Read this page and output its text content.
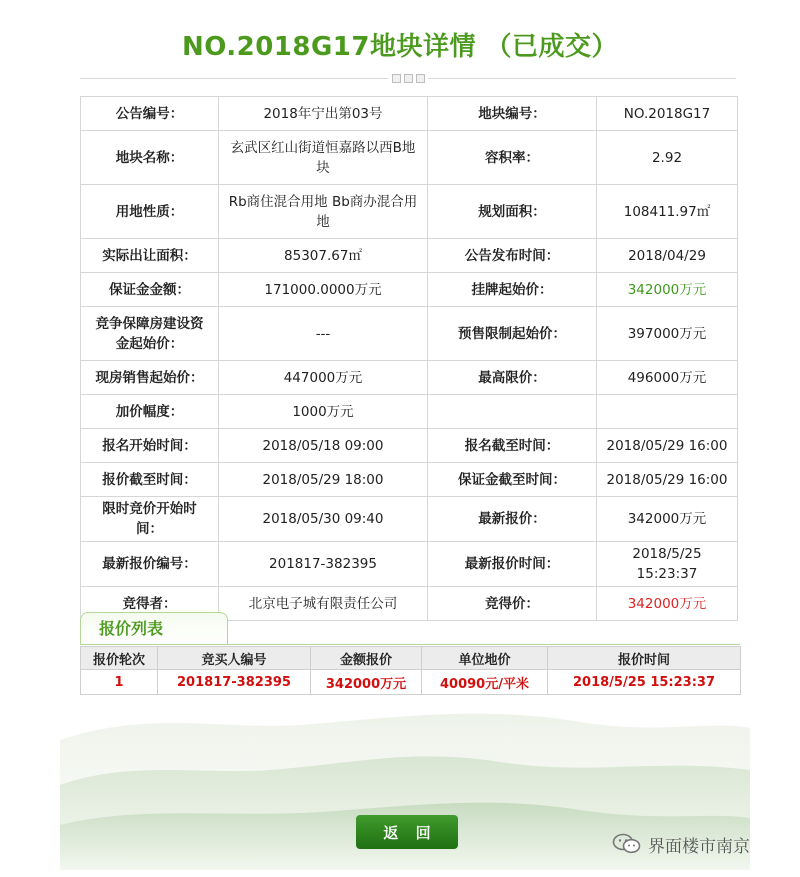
NO.2018G17地块详情 （已成交）
公告编号：	2018年宁出第03号	地块编号：	NO.2018G17
地块名称：	玄武区红山街道恒嘉路以西B地块	容积率：	2.92
用地性质：	Rb商住混合用地 Bb商办混合用地	规划面积：	108411.97㎡
实际出让面积：	85307.67㎡	公告发布时间：	2018/04/29
保证金金额：	171000.0000万元	挂牌起始价：	342000万元
竞争保障房建设资金起始价：	---	预售限制起始价：	397000万元
现房销售起始价：	447000万元	最高限价：	496000万元
加价幅度：	1000万元		
报名开始时间：	2018/05/18 09:00	报名截至时间：	2018/05/29 16:00
报价截至时间：	2018/05/29 18:00	保证金截至时间：	2018/05/29 16:00
限时竞价开始时间：	2018/05/30 09:40	最新报价：	342000万元
最新报价编号：	201817-382395	最新报价时间：	2018/5/25 15:23:37
竞得者：	北京电子城有限责任公司	竞得价：	342000万元
报价列表
报价轮次	竞买人编号	金额报价	单位地价	报价时间
1	201817-382395	342000万元	40090元/平米	2018/5/25 15:23:37
返 回
界面楼市南京
